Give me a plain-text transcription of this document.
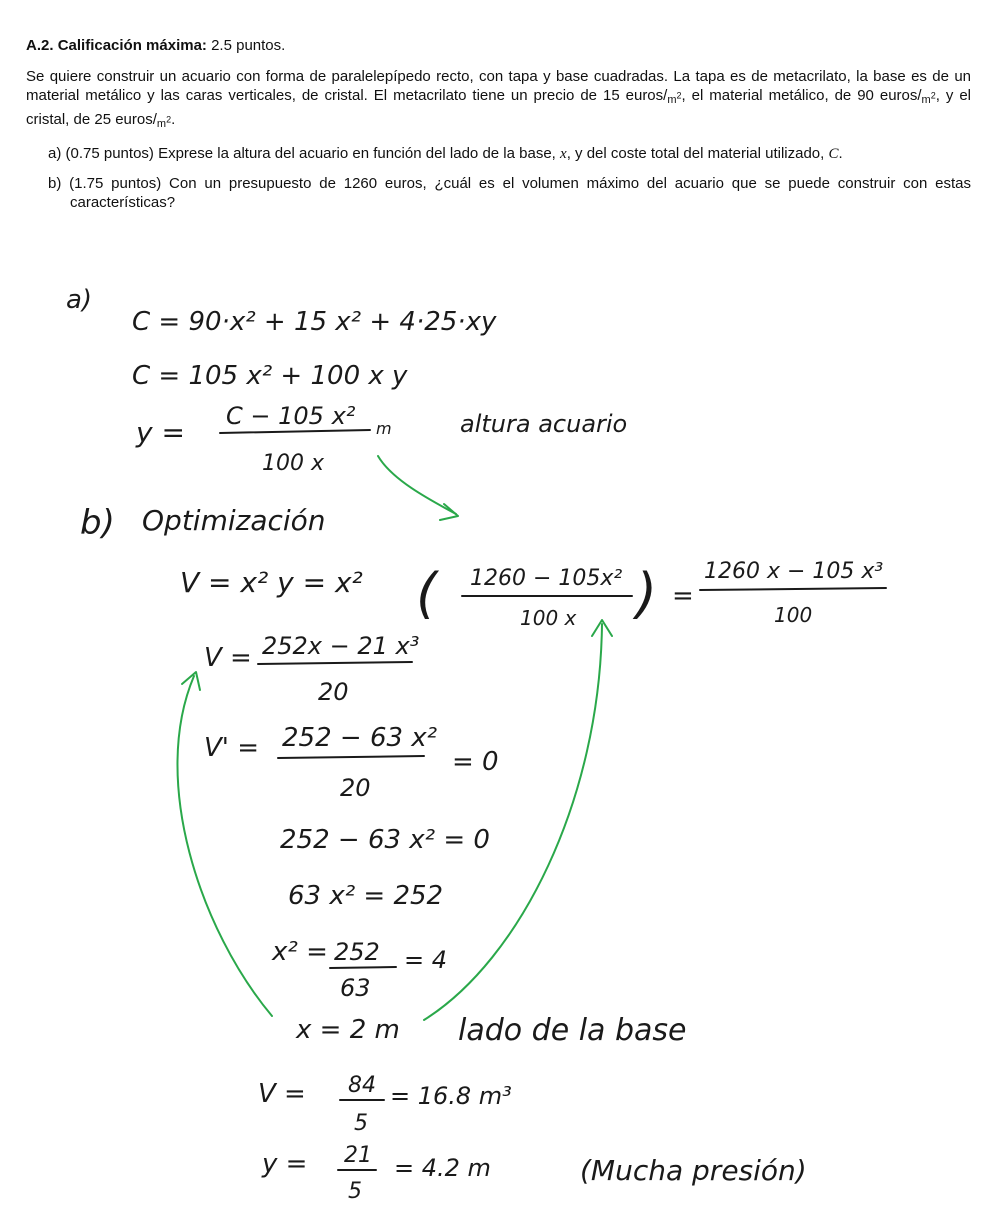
A.2. Calificación máxima: 2.5 puntos.

Se quiere construir un acuario con forma de paralelepípedo recto, con tapa y base cuadradas. La tapa es de metacrilato, la base es de un material metálico y las caras verticales, de cristal. El metacrilato tiene un precio de 15 euros/$_{m^2}$, el material metálico, de 90 euros/$_{m^2}$, y el cristal, de 25 euros/$_{m^2}$.

a) (0.75 puntos) Exprese la altura del acuario en función del lado de la base, x, y del coste total del material utilizado, C.

b) (1.75 puntos) Con un presupuesto de 1260 euros, ¿cuál es el volumen máximo del acuario que se puede construir con estas características?

a)
C = 90·x² + 15 x² + 4·25·xy
C = 105 x² + 100 x y
y = C − 105 x²
100 x
m	altura acuario
b) Optimización
V = x² y = x² ( 1260 − 105x²
100 x ) =
1260 x − 105 x³
100
V = 252x − 21 x³
20
V' = 252 − 63 x²
20
= 0
252 − 63 x² = 0
63 x² = 252
x² = 252
63
= 4
x = 2 m lado de la base
V = 84
5
= 16.8 m³
y = 21
5
= 4.2 m	(Mucha presión)
